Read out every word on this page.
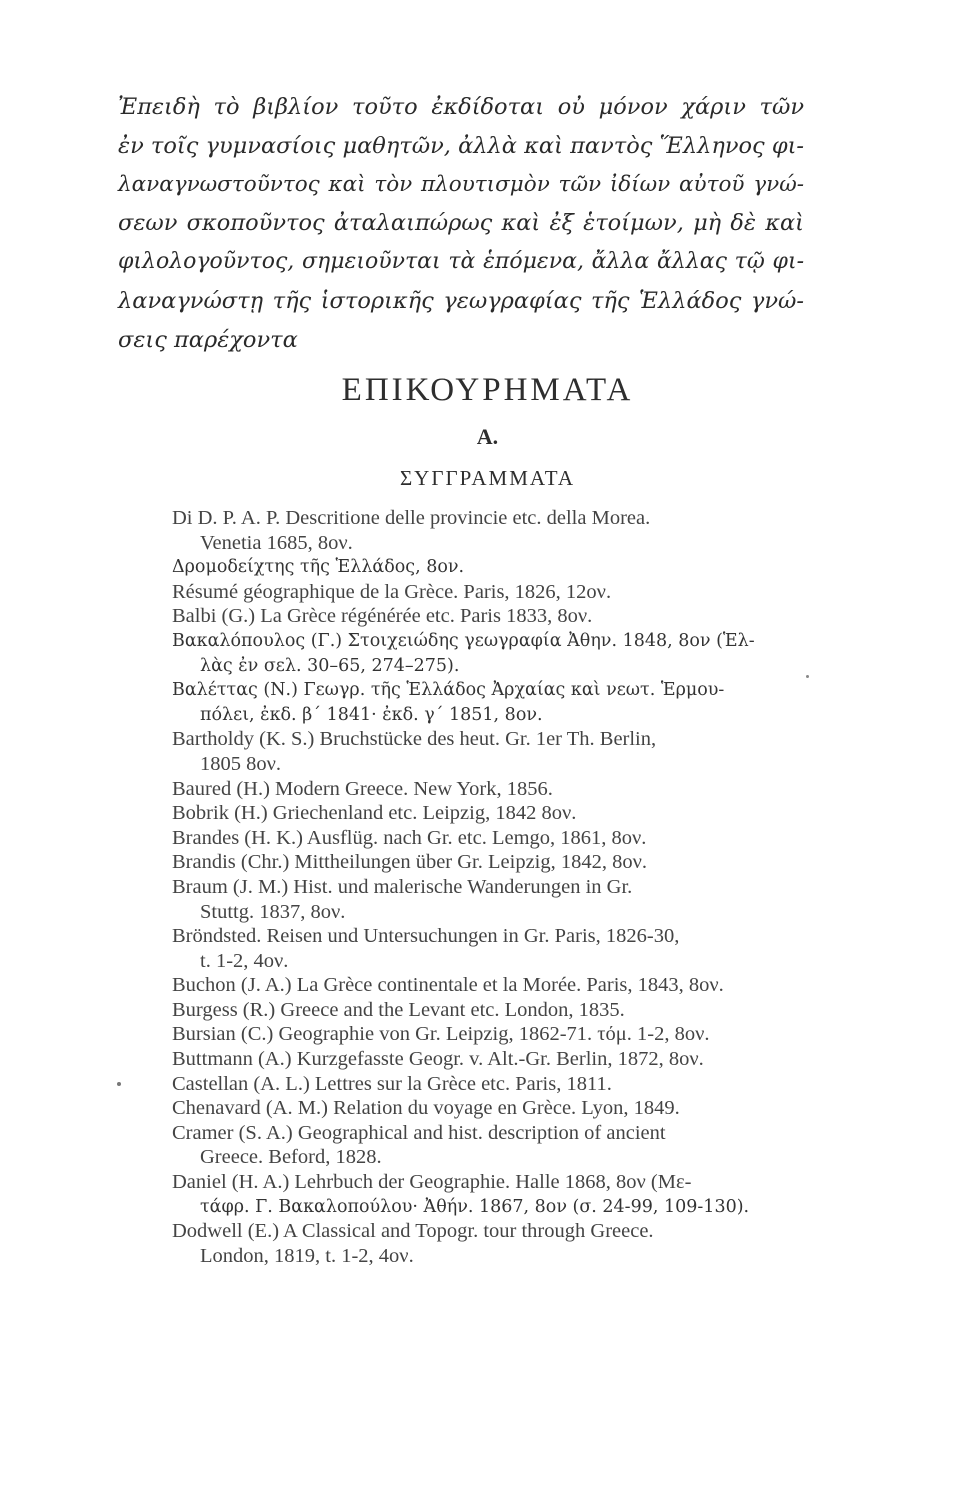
Ἐπειδὴ τὸ βιβλίον τοῦτο ἐκδίδοται οὐ μόνον χάριν τῶν
ἐν τοῖς γυμνασίοις μαθητῶν, ἀλλὰ καὶ παντὸς Ἕλληνος φι-
λαναγνωστοῦντος καὶ τὸν πλουτισμὸν τῶν ἰδίων αὐτοῦ γνώ-
σεων σκοποῦντος ἀταλαιπώρως καὶ ἐξ ἑτοίμων, μὴ δὲ καὶ
φιλολογοῦντος, σημειοῦνται τὰ ἑπόμενα, ἄλλα ἄλλας τῷ φι-
λαναγνώστῃ τῆς ἱστορικῆς γεωγραφίας τῆς Ἑλλάδος γνώ-
σεις παρέχοντα
ΕΠΙΚΟΥΡΗΜΑΤΑ
Α.
ΣΥΓΓΡΑΜΜΑΤΑ
Di D. P. A. P. Descritione delle provincie etc. della Morea.
Venetia 1685, 8ον.
Δρομοδείχτης τῆς Ἑλλάδος, 8ον.
Résumé géographique de la Grèce. Paris, 1826, 12ον.
Balbi (G.) La Grèce régénérée etc. Paris 1833, 8ον.
Βακαλόπουλος (Γ.) Στοιχειώδης γεωγραφία Ἀθην. 1848, 8ον (Ἑλ-
λὰς ἐν σελ. 30–65, 274–275).
Βαλέττας (Ν.) Γεωγρ. τῆς Ἑλλάδος Ἀρχαίας καὶ νεωτ. Ἑρμου-
πόλει, ἐκδ. β΄ 1841· ἐκδ. γ΄ 1851, 8ον.
Bartholdy (K. S.) Bruchstücke des heut. Gr. 1er Th. Berlin,
1805 8ον.
Baured (H.) Modern Greece. New York, 1856.
Bobrik (H.) Griechenland etc. Leipzig, 1842 8ον.
Brandes (H. K.) Ausflüg. nach Gr. etc. Lemgo, 1861, 8ον.
Brandis (Chr.) Mittheilungen über Gr. Leipzig, 1842, 8ον.
Braum (J. M.) Hist. und malerische Wanderungen in Gr.
Stuttg. 1837, 8ον.
Bröndsted. Reisen und Untersuchungen in Gr. Paris, 1826-30,
t. 1-2, 4ον.
Buchon (J. A.) La Grèce continentale et la Morée. Paris, 1843, 8ον.
Burgess (R.) Greece and the Levant etc. London, 1835.
Bursian (C.) Geographie von Gr. Leipzig, 1862-71. τόμ. 1-2, 8ον.
Buttmann (A.) Kurzgefasste Geogr. v. Alt.-Gr. Berlin, 1872, 8ον.
Castellan (A. L.) Lettres sur la Grèce etc. Paris, 1811.
Chenavard (A. M.) Relation du voyage en Grèce. Lyon, 1849.
Cramer (S. A.) Geographical and hist. description of ancient
Greece. Beford, 1828.
Daniel (H. A.) Lehrbuch der Geographie. Halle 1868, 8ον (Με-
τάφρ. Γ. Βακαλοπούλου· Ἀθήν. 1867, 8ον (σ. 24-99, 109-130).
Dodwell (E.) A Classical and Topogr. tour through Greece.
London, 1819, t. 1-2, 4ον.
